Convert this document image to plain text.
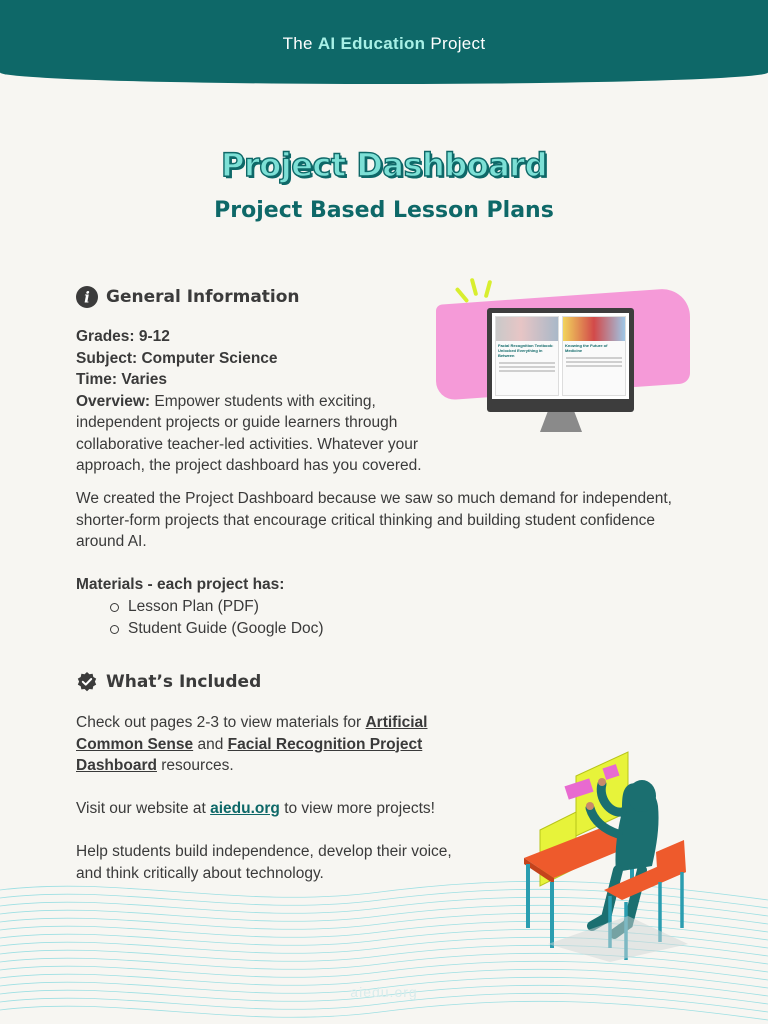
The AI Education Project
Project Dashboard
Project Based Lesson Plans
i General Information
Grades: 9-12
Subject: Computer Science
Time: Varies
Overview: Empower students with exciting, independent projects or guide learners through collaborative teacher-led activities. Whatever your approach, the project dashboard has you covered.
We created the Project Dashboard because we saw so much demand for independent, shorter-form projects that encourage critical thinking and building student confidence around AI.
Materials - each project has:
Lesson Plan (PDF)
Student Guide (Google Doc)
Facial Recognition Textbook: Unlocked Everything in Between
Knowing the Future of Medicine
What’s Included
Check out pages 2-3 to view materials for Artificial Common Sense and Facial Recognition Project Dashboard resources.
Visit our website at aiedu.org to view more projects!
Help students build independence, develop their voice, and think critically about technology.
aiedu.org
